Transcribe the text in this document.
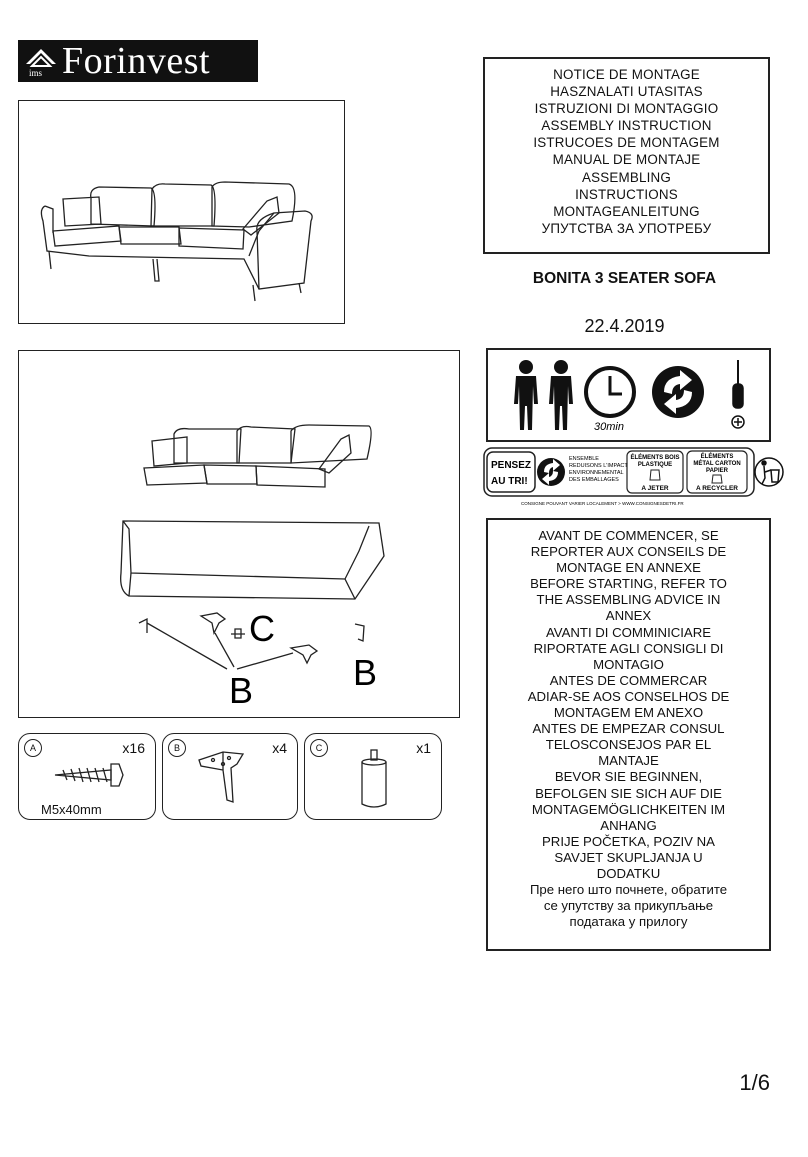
ims Forinvest
C
B	B
A	x16
M5x40mm
B	x4	C	x1
NOTICE DE MONTAGE
HASZNALATI UTASITAS
ISTRUZIONI DI MONTAGGIO
ASSEMBLY INSTRUCTION
ISTRUCOES DE MONTAGEM
MANUAL DE MONTAJE
ASSEMBLING
INSTRUCTIONS
MONTAGEANLEITUNG
УПУТСТВА ЗА УПОТРЕБУ
BONITA 3 SEATER SOFA
22.4.2019
30min
PENSEZ
AU TRI!
ENSEMBLE
REDUISONS L'IMPACT
ENVIRONNEMENTAL
DES EMBALLAGES
ÉLÉMENTS BOIS
PLASTIQUE
A JETER
ÉLÉMENTS
MÉTAL CARTON
PAPIER
A RECYCLER
CONSIGNE POUVANT VARIER LOCALEMENT > WWW.CONSIGNESDETRI.FR
AVANT DE COMMENCER, SE
REPORTER AUX CONSEILS DE
MONTAGE EN ANNEXE
BEFORE STARTING, REFER TO
THE ASSEMBLING ADVICE IN
ANNEX
AVANTI DI COMMINICIARE
RIPORTATE AGLI CONSIGLI DI
MONTAGIO
ANTES DE COMMERCAR
ADIAR-SE AOS CONSELHOS DE
MONTAGEM EM ANEXO
ANTES DE EMPEZAR CONSUL
TELOSCONSEJOS PAR EL
MANTAJE
BEVOR SIE BEGINNEN,
BEFOLGEN SIE SICH AUF DIE
MONTAGEMÖGLICHKEITEN IM
ANHANG
PRIJE POČETKA, POZIV NA
SAVJET SKUPLJANJA U
DODATKU
Пре него што почнете, обратите
се упутству за прикупљање
података у прилогу
1/6
